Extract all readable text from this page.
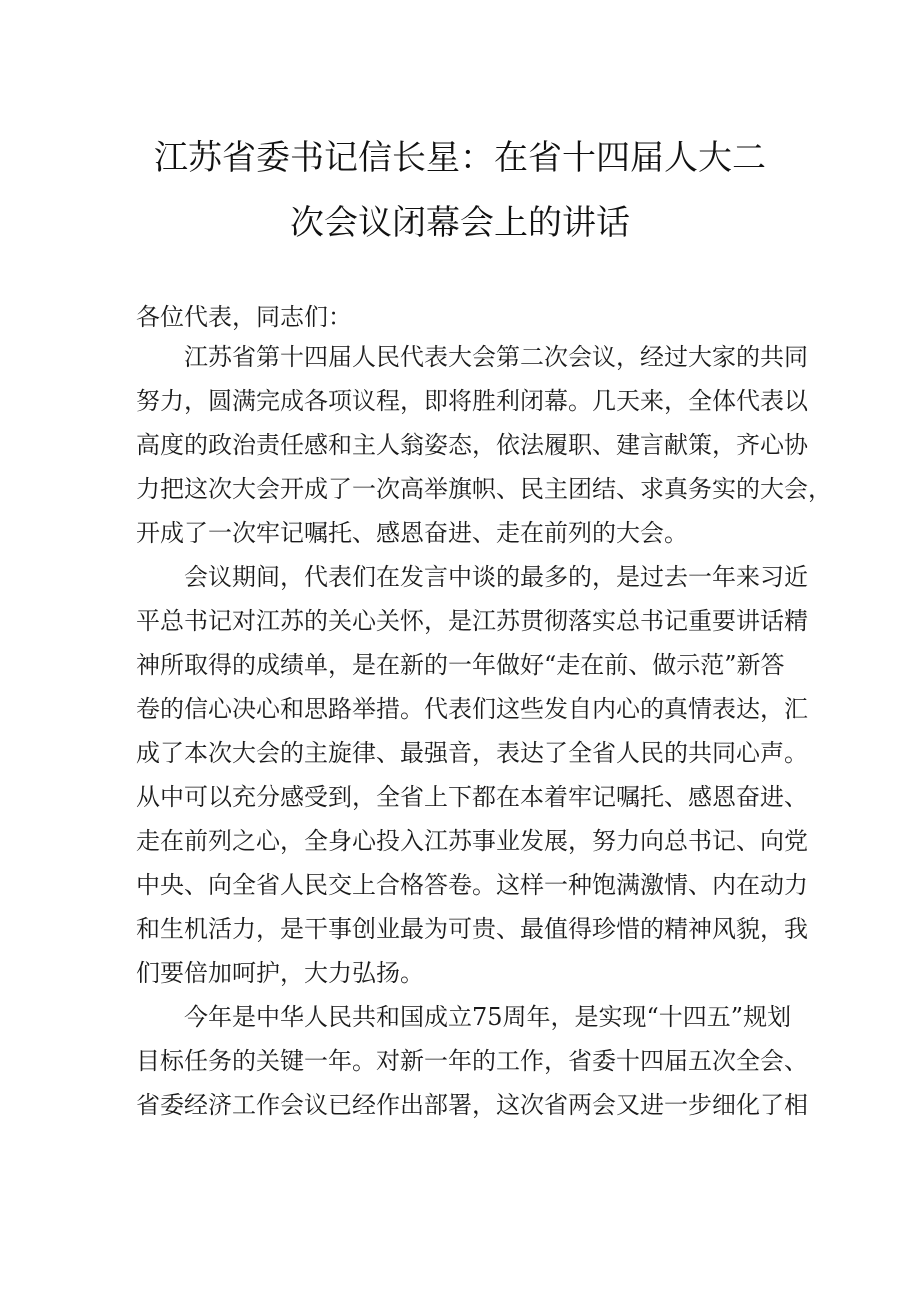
江苏省委书记信长星：在省十四届人大二
次会议闭幕会上的讲话
各位代表，同志们：
江苏省第十四届人民代表大会第二次会议，经过大家的共同
努力，圆满完成各项议程，即将胜利闭幕。几天来，全体代表以
高度的政治责任感和主人翁姿态，依法履职、建言献策，齐心协
力把这次大会开成了一次高举旗帜、民主团结、求真务实的大会，
开成了一次牢记嘱托、感恩奋进、走在前列的大会。
会议期间，代表们在发言中谈的最多的，是过去一年来习近
平总书记对江苏的关心关怀，是江苏贯彻落实总书记重要讲话精
神所取得的成绩单，是在新的一年做好“走在前、做示范”新答
卷的信心决心和思路举措。代表们这些发自内心的真情表达，汇
成了本次大会的主旋律、最强音，表达了全省人民的共同心声。
从中可以充分感受到，全省上下都在本着牢记嘱托、感恩奋进、
走在前列之心，全身心投入江苏事业发展，努力向总书记、向党
中央、向全省人民交上合格答卷。这样一种饱满激情、内在动力
和生机活力，是干事创业最为可贵、最值得珍惜的精神风貌，我
们要倍加呵护，大力弘扬。
今年是中华人民共和国成立75周年，是实现“十四五”规划
目标任务的关键一年。对新一年的工作，省委十四届五次全会、
省委经济工作会议已经作出部署，这次省两会又进一步细化了相
